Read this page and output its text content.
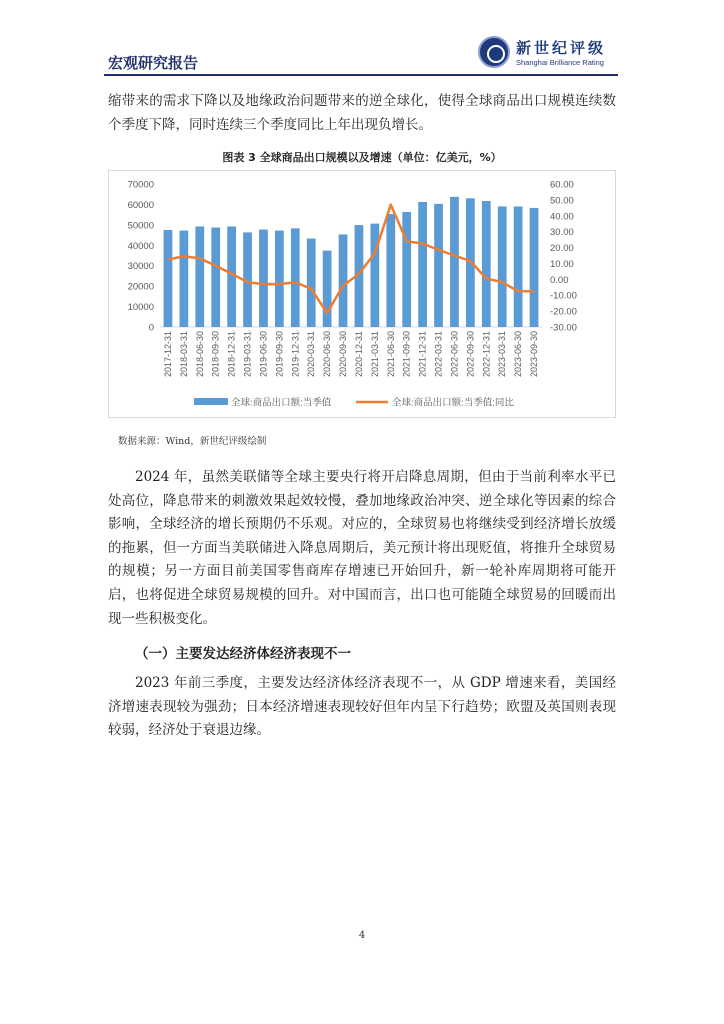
宏观研究报告
新世纪评级
Shanghai Brilliance Rating
缩带来的需求下降以及地缘政治问题带来的逆全球化，使得全球商品出口规模连续数个季度下降，同时连续三个季度同比上年出现负增长。
图表 3 全球商品出口规模以及增速（单位：亿美元，%）
0
10000
20000
30000
40000
50000
60000
70000
-30.00
-20.00
-10.00
0.00
10.00
20.00
30.00
40.00
50.00
60.00
2017-12-31 2018-03-31 2018-06-30 2018-09-30 2018-12-31 2019-03-31 2019-06-30 2019-09-30 2019-12-31 2020-03-31 2020-06-30 2020-09-30 2020-12-31 2021-03-31 2021-06-30 2021-09-30 2021-12-31 2022-03-31 2022-06-30 2022-09-30 2022-12-31 2023-03-31 2023-06-30 2023-09-30
全球:商品出口额:当季值	全球:商品出口额:当季值:同比
数据来源：Wind，新世纪评级绘制
2024 年，虽然美联储等全球主要央行将开启降息周期，但由于当前利率水平已处高位，降息带来的刺激效果起效较慢，叠加地缘政治冲突、逆全球化等因素的综合影响，全球经济的增长预期仍不乐观。对应的，全球贸易也将继续受到经济增长放缓的拖累，但一方面当美联储进入降息周期后，美元预计将出现贬值，将推升全球贸易的规模；另一方面目前美国零售商库存增速已开始回升，新一轮补库周期将可能开启，也将促进全球贸易规模的回升。对中国而言，出口也可能随全球贸易的回暖而出现一些积极变化。
（一）主要发达经济体经济表现不一
2023 年前三季度，主要发达经济体经济表现不一，从 GDP 增速来看，美国经济增速表现较为强劲；日本经济增速表现较好但年内呈下行趋势；欧盟及英国则表现较弱，经济处于衰退边缘。
4
